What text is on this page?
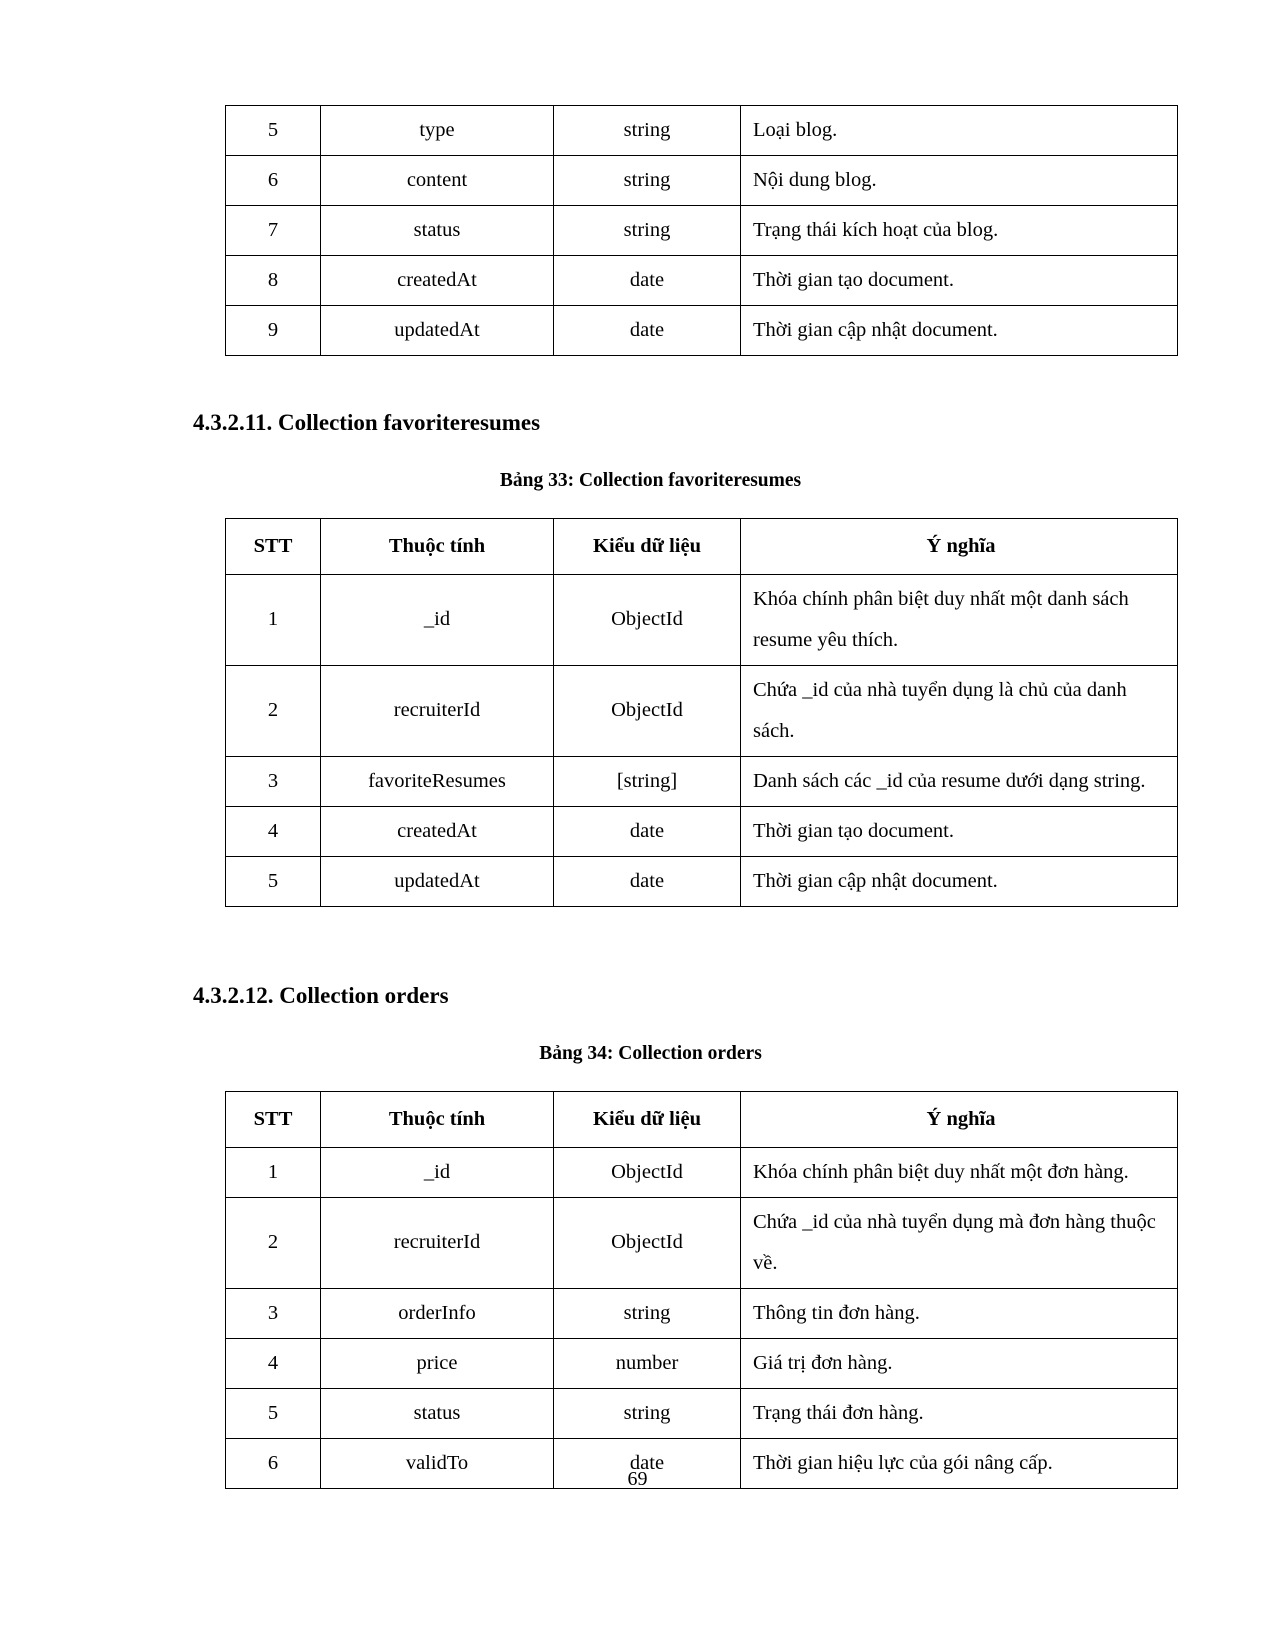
5	type	string	Loại blog.
6	content	string	Nội dung blog.
7	status	string	Trạng thái kích hoạt của blog.
8	createdAt	date	Thời gian tạo document.
9	updatedAt	date	Thời gian cập nhật document.
4.3.2.11. Collection favoriteresumes

Bảng 33: Collection favoriteresumes

STT	Thuộc tính	Kiểu dữ liệu	Ý nghĩa
1	_id	ObjectId	Khóa chính phân biệt duy nhất một danh sách resume yêu thích.
2	recruiterId	ObjectId	Chứa _id của nhà tuyển dụng là chủ của danh sách.
3	favoriteResumes	[string]	Danh sách các _id của resume dưới dạng string.
4	createdAt	date	Thời gian tạo document.
5	updatedAt	date	Thời gian cập nhật document.
4.3.2.12. Collection orders

Bảng 34: Collection orders

STT	Thuộc tính	Kiểu dữ liệu	Ý nghĩa
1	_id	ObjectId	Khóa chính phân biệt duy nhất một đơn hàng.
2	recruiterId	ObjectId	Chứa _id của nhà tuyển dụng mà đơn hàng thuộc về.
3	orderInfo	string	Thông tin đơn hàng.
4	price	number	Giá trị đơn hàng.
5	status	string	Trạng thái đơn hàng.
6	validTo	date	Thời gian hiệu lực của gói nâng cấp.
69
